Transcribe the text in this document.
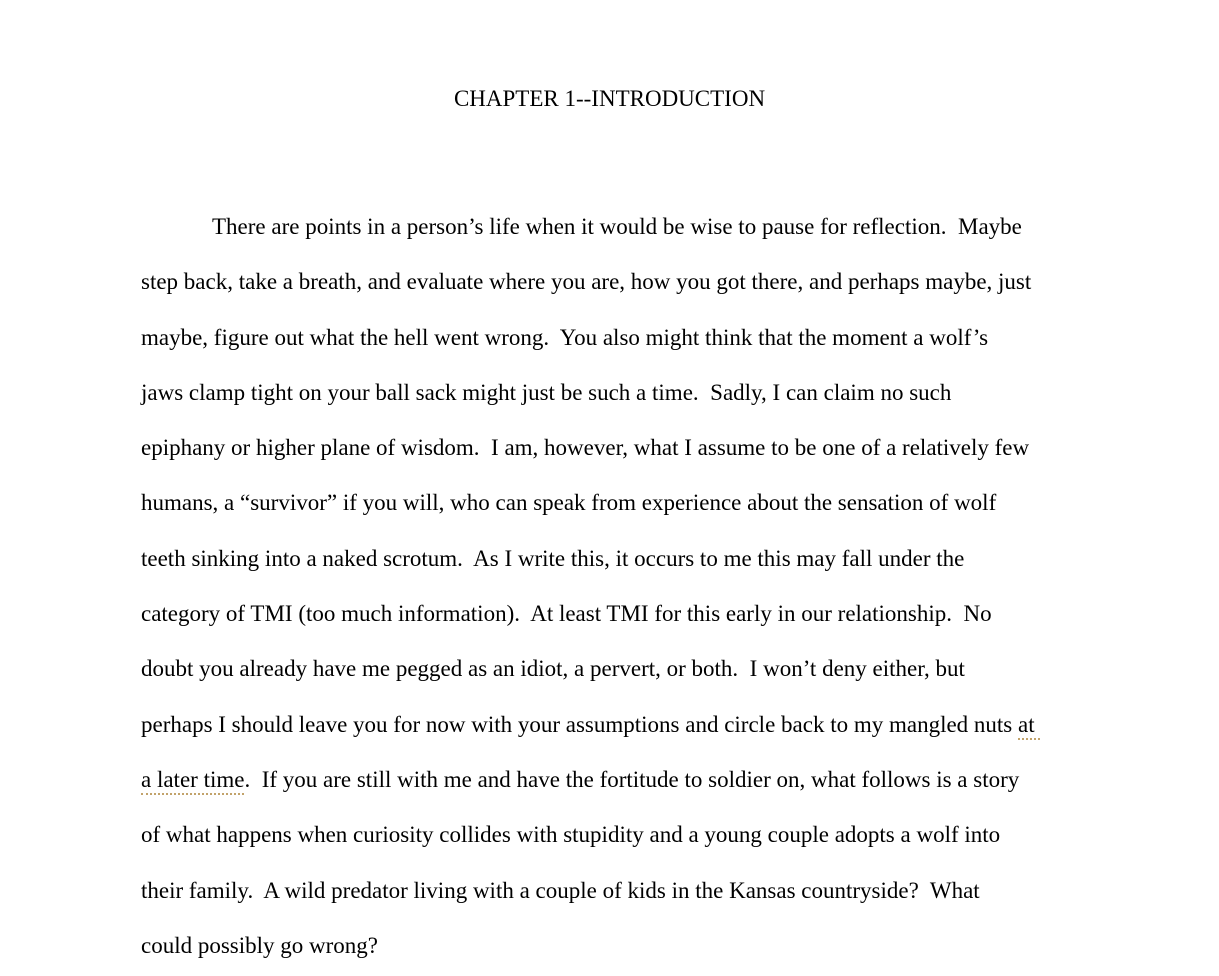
CHAPTER 1--INTRODUCTION
There are points in a person’s life when it would be wise to pause for reflection.  Maybe
step back, take a breath, and evaluate where you are, how you got there, and perhaps maybe, just
maybe, figure out what the hell went wrong.  You also might think that the moment a wolf’s
jaws clamp tight on your ball sack might just be such a time.  Sadly, I can claim no such
epiphany or higher plane of wisdom.  I am, however, what I assume to be one of a relatively few
humans, a “survivor” if you will, who can speak from experience about the sensation of wolf
teeth sinking into a naked scrotum.  As I write this, it occurs to me this may fall under the
category of TMI (too much information).  At least TMI for this early in our relationship.  No
doubt you already have me pegged as an idiot, a pervert, or both.  I won’t deny either, but
perhaps I should leave you for now with your assumptions and circle back to my mangled nuts at
a later time.  If you are still with me and have the fortitude to soldier on, what follows is a story
of what happens when curiosity collides with stupidity and a young couple adopts a wolf into
their family.  A wild predator living with a couple of kids in the Kansas countryside?  What
could possibly go wrong?
